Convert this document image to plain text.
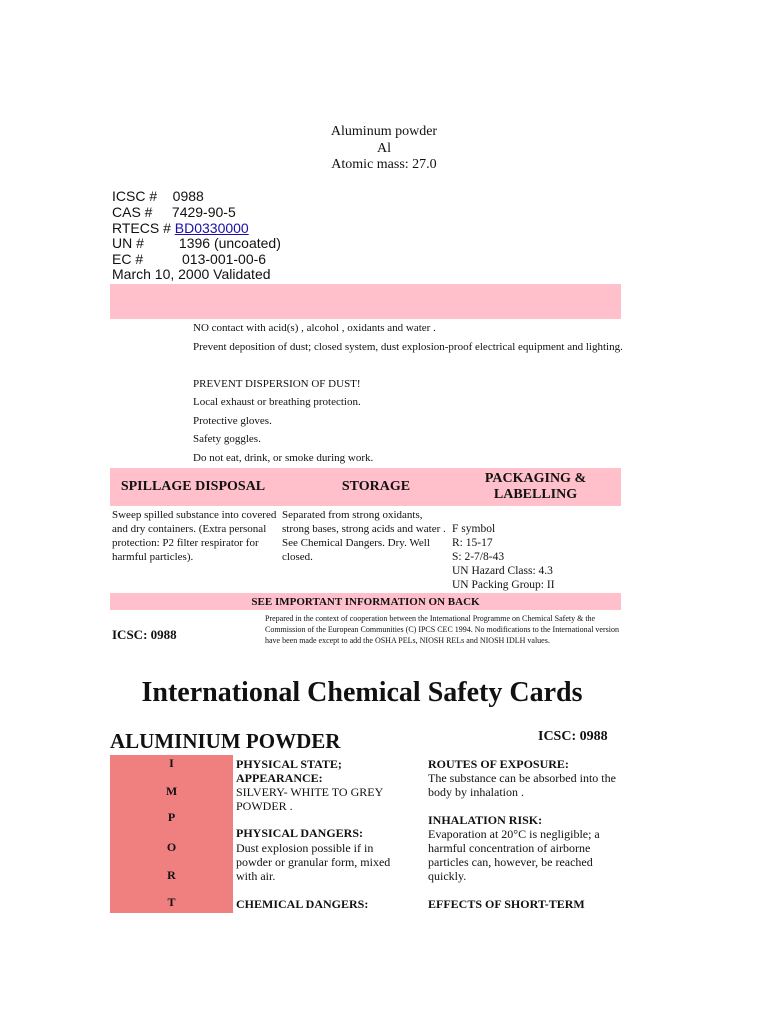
Aluminum powder
Al
Atomic mass: 27.0
ICSC #    0988
CAS #     7429-90-5
RTECS # BD0330000
UN #         1396 (uncoated)
EC #          013-001-00-6
March 10, 2000 Validated
NO contact with acid(s) , alcohol , oxidants and water .
Prevent deposition of dust; closed system, dust explosion-proof electrical equipment and lighting.
PREVENT DISPERSION OF DUST!
Local exhaust or breathing protection.
Protective gloves.
Safety goggles.
Do not eat, drink, or smoke during work.
SPILLAGE DISPOSAL	STORAGE
PACKAGING & LABELLING
Sweep spilled substance into covered and dry containers. (Extra personal protection: P2 filter respirator for harmful particles).
Separated from strong oxidants, strong bases, strong acids and water . See Chemical Dangers. Dry. Well closed.
F symbol
R: 15-17
S: 2-7/8-43
UN Hazard Class: 4.3
UN Packing Group: II
SEE IMPORTANT INFORMATION ON BACK
ICSC: 0988
Prepared in the context of cooperation between the International Programme on Chemical Safety & the Commission of the European Communities (C) IPCS CEC 1994. No modifications to the International version have been made except to add the OSHA PELs, NIOSH RELs and NIOSH IDLH values.
International Chemical Safety Cards
ALUMINIUM POWDER	ICSC: 0988
I
M
P
O
R
T
PHYSICAL STATE; APPEARANCE:
SILVERY- WHITE TO GREY POWDER .
PHYSICAL DANGERS:
Dust explosion possible if in powder or granular form, mixed with air.
CHEMICAL DANGERS:
ROUTES OF EXPOSURE:
The substance can be absorbed into the body by inhalation .
INHALATION RISK:
Evaporation at 20°C is negligible; a harmful concentration of airborne particles can, however, be reached quickly.
EFFECTS OF SHORT-TERM
